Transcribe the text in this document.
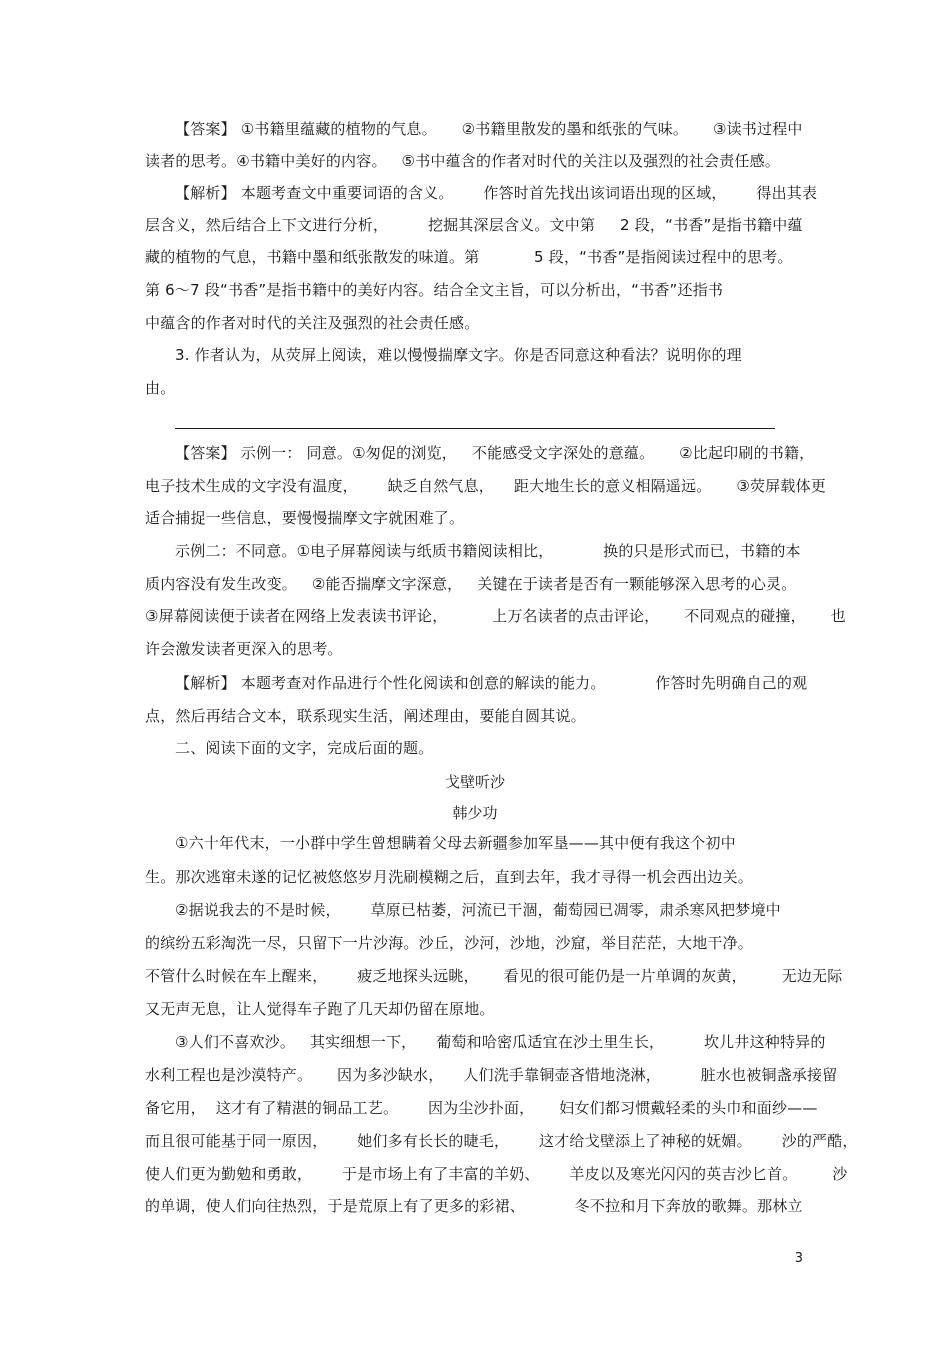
【答案】 ①书籍里蕴藏的植物的气息。     ②书籍里散发的墨和纸张的气味。     ③读书过程中
读者的思考。④书籍中美好的内容。   ⑤书中蕴含的作者对时代的关注以及强烈的社会责任感。
【解析】 本题考查文中重要词语的含义。      作答时首先找出该词语出现的区域，      得出其表
层含义，然后结合上下文进行分析，        挖掘其深层含义。文中第     2 段，“书香”是指书籍中蕴
藏的植物的气息，书籍中墨和纸张散发的味道。第           5 段，“书香”是指阅读过程中的思考。
第 6～7 段“书香”是指书籍中的美好内容。结合全文主旨，可以分析出，“书香”还指书
中蕴含的作者对时代的关注及强烈的社会责任感。
3. 作者认为，从荧屏上阅读，难以慢慢揣摩文字。你是否同意这种看法？说明你的理
由。
【答案】 示例一： 同意。①匆促的浏览，   不能感受文字深处的意蕴。     ②比起印刷的书籍，
电子技术生成的文字没有温度，      缺乏自然气息，    距大地生长的意义相隔遥远。     ③荧屏载体更
适合捕捉一些信息，要慢慢揣摩文字就困难了。
示例二：不同意。①电子屏幕阅读与纸质书籍阅读相比，          换的只是形式而已，书籍的本
质内容没有发生改变。   ②能否揣摩文字深意，   关键在于读者是否有一颗能够深入思考的心灵。
③屏幕阅读便于读者在网络上发表读书评论，         上万名读者的点击评论，     不同观点的碰撞，     也
许会激发读者更深入的思考。
【解析】 本题考查对作品进行个性化阅读和创意的解读的能力。          作答时先明确自己的观
点，然后再结合文本，联系现实生活，阐述理由，要能自圆其说。
二、阅读下面的文字，完成后面的题。
①六十年代末，一小群中学生曾想瞒着父母去新疆参加军垦——其中便有我这个初中
生。那次逃窜未遂的记忆被悠悠岁月洗刷模糊之后，直到去年，我才寻得一机会西出边关。
②据说我去的不是时候，      草原已枯萎，河流已干涸，葡萄园已凋零，肃杀寒风把梦境中
的缤纷五彩淘洗一尽，只留下一片沙海。沙丘，沙河，沙地，沙窟，举目茫茫，大地干净。
不管什么时候在车上醒来，      疲乏地探头远眺，     看见的很可能仍是一片单调的灰黄，       无边无际
又无声无息，让人觉得车子跑了几天却仍留在原地。
③人们不喜欢沙。   其实细想一下，    葡萄和哈密瓜适宜在沙土里生长，        坎儿井这种特异的
水利工程也是沙漠特产。     因为多沙缺水，    人们洗手靠铜壶吝惜地浇淋，        脏水也被铜盏承接留
备它用，  这才有了精湛的铜品工艺。      因为尘沙扑面，     妇女们都习惯戴轻柔的头巾和面纱——
而且很可能基于同一原因，      她们多有长长的睫毛，      这才给戈壁添上了神秘的妩媚。      沙的严酷，
使人们更为勤勉和勇敢，      于是市场上有了丰富的羊奶、      羊皮以及寒光闪闪的英吉沙匕首。       沙
的单调，使人们向往热烈，于是荒原上有了更多的彩裙、          冬不拉和月下奔放的歌舞。那林立
戈壁听沙
韩少功
3
